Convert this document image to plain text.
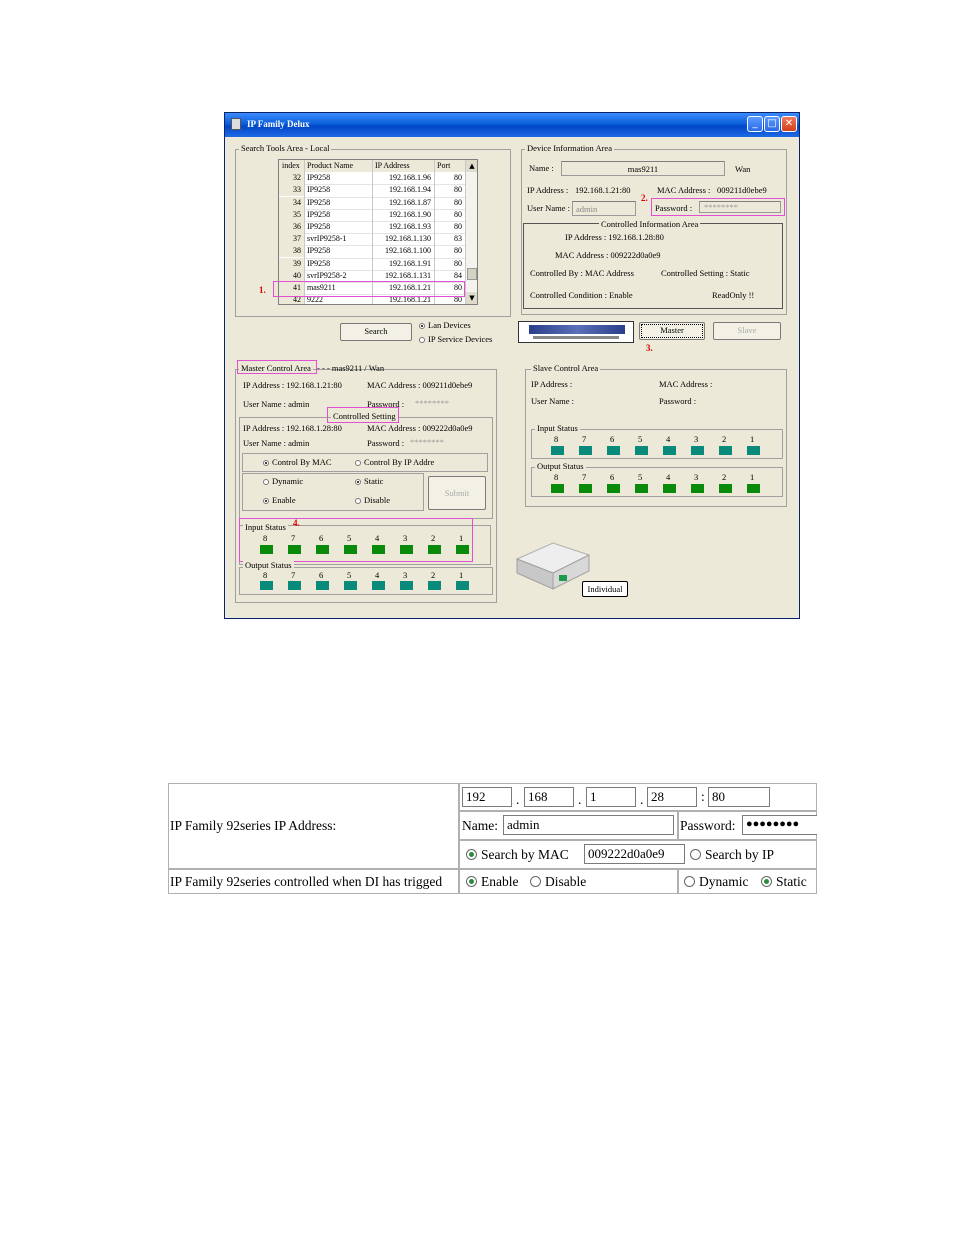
IP Family Delux	_ □ ✕
Search Tools Area - Local
index Product Name	IP Address	Port
32 IP9258	192.168.1.96	80
33 IP9258	192.168.1.94	80
34 IP9258	192.168.1.87	80
35 IP9258	192.168.1.90	80
36 IP9258	192.168.1.93	80
37 svrIP9258-1	192.168.1.130	83
38 IP9258	192.168.1.100	80
39 IP9258	192.168.1.91	80
40 svrIP9258-2	192.168.1.131	84
41 mas9211	192.168.1.21	80
42 9222	192.168.1.21	80
▲
▼
1.
Search
Lan Devices
IP Service Devices
Device Information Area
Name :	mas9211	Wan
IP Address : 192.168.1.21:80	MAC Address : 009211d0ebe9
2.
User Name : admin	Password :	********
Controlled Information Area
IP Address : 192.168.1.28:80
MAC Address : 009222d0a0e9
Controlled By : MAC Address	Controlled Setting : Static
Controlled Condition : Enable	ReadOnly !!
Master
3.
Slave
Master Control Area - - - mas9211 / Wan
IP Address : 192.168.1.21:80	MAC Address : 009211d0ebe9
User Name : admin	Password : ********
Controlled Setting
IP Address : 192.168.1.28:80	MAC Address : 009222d0a0e9
User Name : admin	Password : ********
Control By MAC	Control By IP Addre
Dynamic	Static
Enable	Disable
Submit
Input Status 4.
8	7	6	5	4	3	2	1
Output Status
8	7	6	5	4	3	2	1
Slave Control Area
IP Address :	MAC Address :
User Name :	Password :
Input Status
8	7	6	5	4	3	2	1
Output Status
8	7	6	5	4	3	2	1
Individual
IP Family 92series IP Address:
192	. 168	. 1	. 28	: 80
Name: admin	Password: ●●●●●●●●
Search by MAC	009222d0a0e9	Search by IP
IP Family 92series controlled when DI has trigged	Enable	Disable	Dynamic	Static
